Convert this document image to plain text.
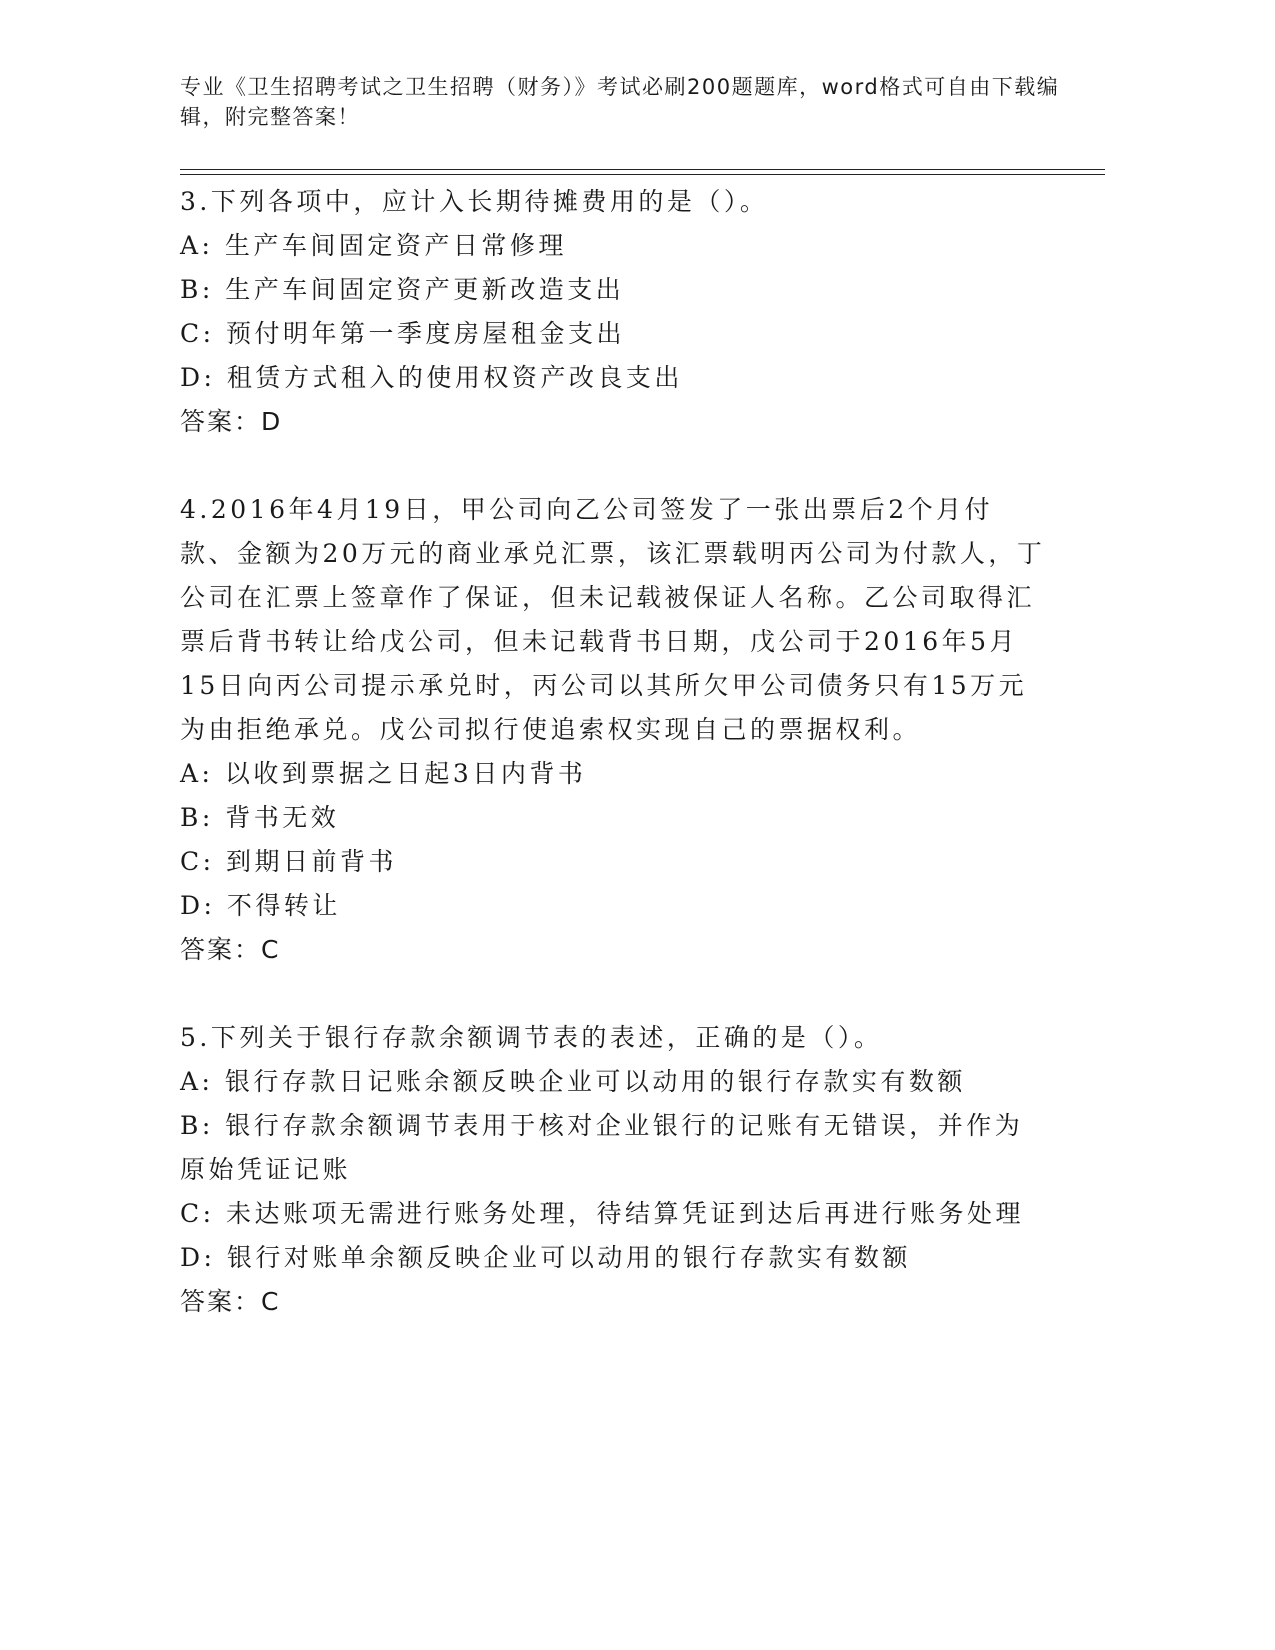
专业《卫生招聘考试之卫生招聘（财务）》考试必刷200题题库，word格式可自由下载编辑，附完整答案！

3.下列各项中，应计入长期待摊费用的是（）。

A: 生产车间固定资产日常修理

B: 生产车间固定资产更新改造支出

C: 预付明年第一季度房屋租金支出

D: 租赁方式租入的使用权资产改良支出

答案：D

4.2016年4月19日，甲公司向乙公司签发了一张出票后2个月付款、金额为20万元的商业承兑汇票，该汇票载明丙公司为付款人，丁公司在汇票上签章作了保证，但未记载被保证人名称。乙公司取得汇票后背书转让给戊公司，但未记载背书日期，戊公司于2016年5月15日向丙公司提示承兑时，丙公司以其所欠甲公司债务只有15万元为由拒绝承兑。戊公司拟行使追索权实现自己的票据权利。

A: 以收到票据之日起3日内背书

B: 背书无效

C: 到期日前背书

D: 不得转让

答案：C

5.下列关于银行存款余额调节表的表述，正确的是（）。

A: 银行存款日记账余额反映企业可以动用的银行存款实有数额

B: 银行存款余额调节表用于核对企业银行的记账有无错误，并作为原始凭证记账

C: 未达账项无需进行账务处理，待结算凭证到达后再进行账务处理

D: 银行对账单余额反映企业可以动用的银行存款实有数额

答案：C
